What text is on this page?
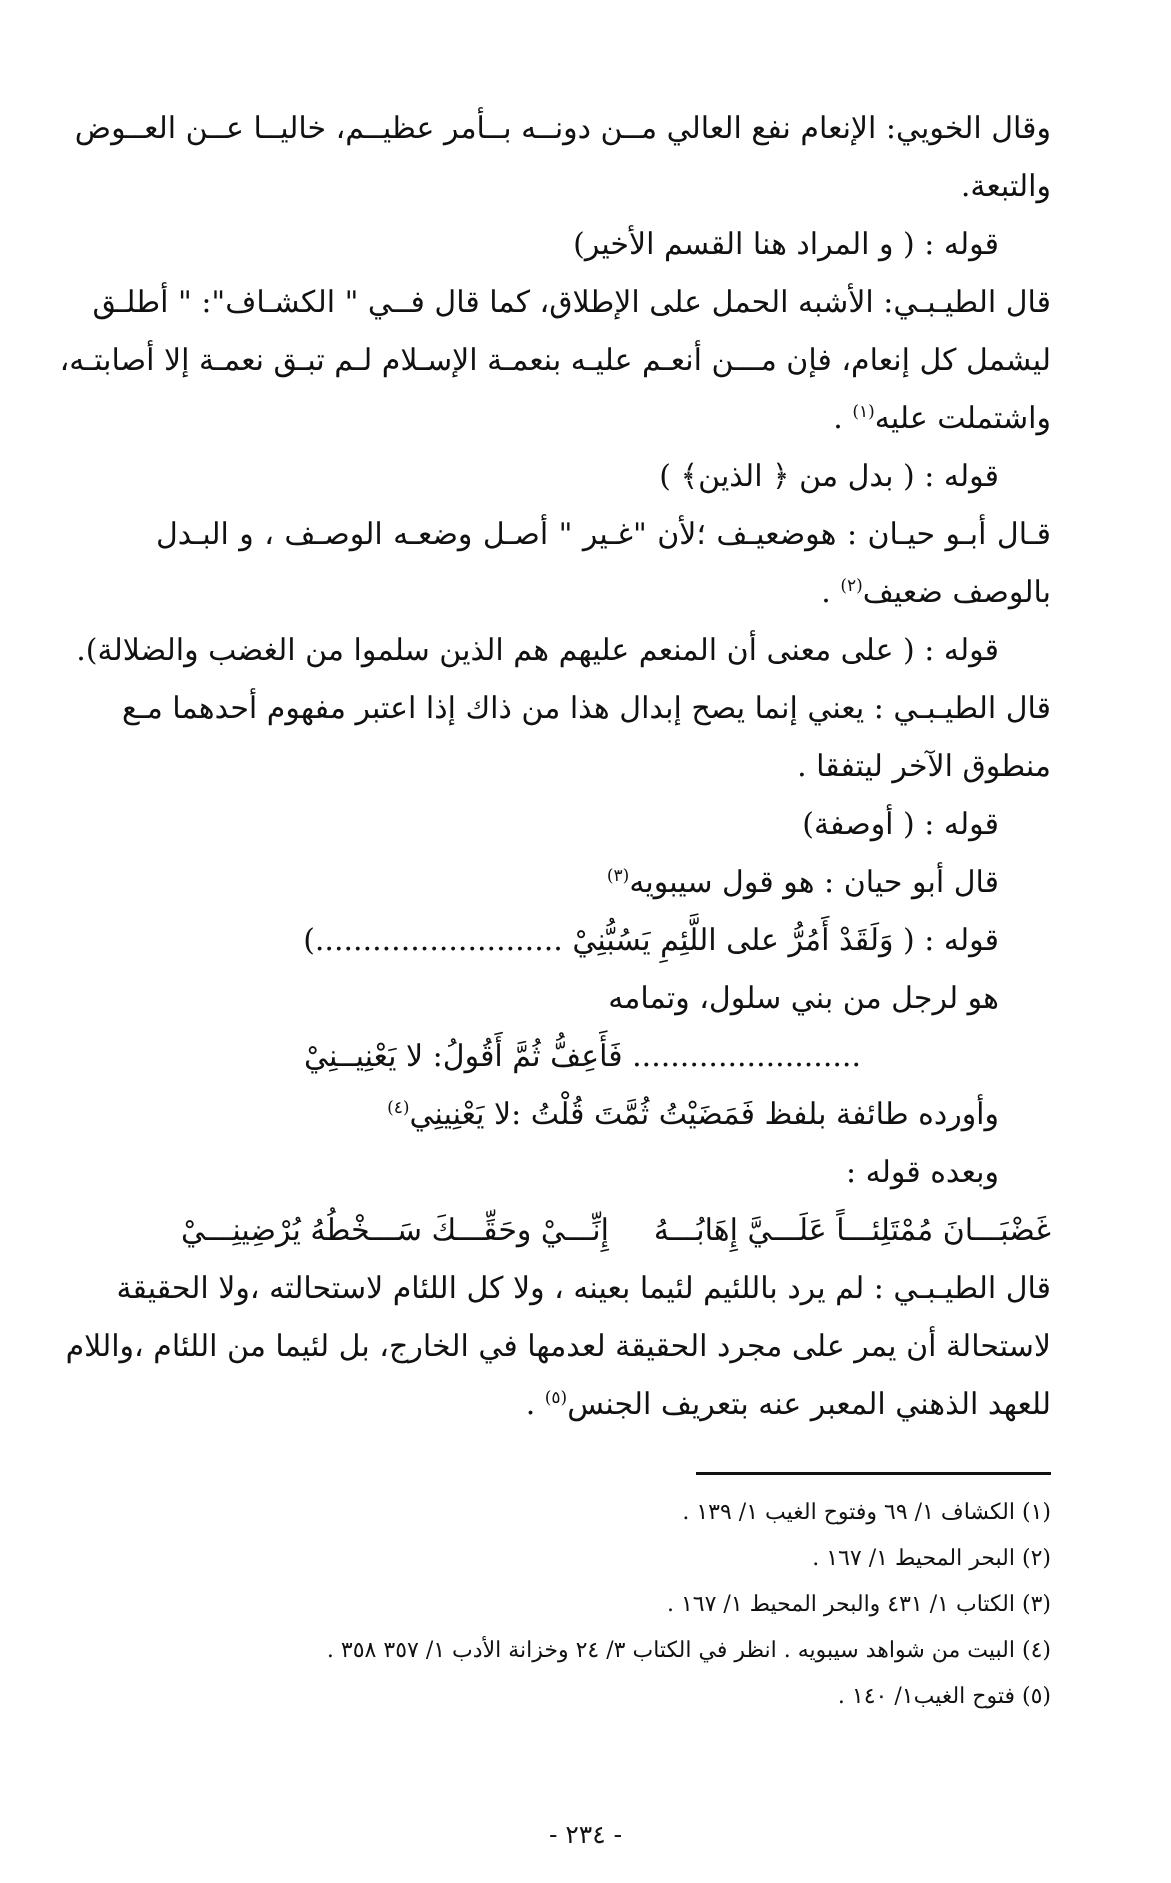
وقال الخويي: الإنعام نفع العالي مــن دونــه بــأمر عظيــم، خاليــا عــن العــوض
والتبعة.
قوله : ( و المراد هنا القسم الأخير)
قال الطيـبـي: الأشبه الحمل على الإطلاق، كما قال فــي " الكشـاف": " أطلـق
ليشمل كل إنعام، فإن مـــن أنعـم عليـه بنعمـة الإسـلام لـم تبـق نعمـة إلا أصابتـه،
واشتملت عليه$^{(١)}$ .
قوله : ( بدل من ﴿ الذين﴾ )
قـال أبـو حيـان : هوضعيـف ؛لأن "غـير " أصـل وضعـه الوصـف ، و البـدل
بالوصف ضعيف$^{(٢)}$ .
قوله : ( على معنى أن المنعم عليهم هم الذين سلموا من الغضب والضلالة).
قال الطيـبـي : يعني إنما يصح إبدال هذا من ذاك إذا اعتبر مفهوم أحدهما مـع
منطوق الآخر ليتفقا .
قوله : ( أوصفة)
قال أبو حيان : هو قول سيبويه$^{(٣)}$
قوله : ( وَلَقَدْ أَمُرُّ على اللَّئِمِ يَسُبُّنِيْ ..........................)
هو لرجل من بني سلول، وتمامه
........................ فَأَعِفُّ ثُمَّ أَقُولُ: لا يَعْنِيــنِيْ
وأورده طائفة بلفظ فَمَضَيْتُ ثُمَّتَ قُلْتُ :لا يَعْنِينِي$^{(٤)}$
وبعده قوله :
غَضْبَـــانَ مُمْتَلِئـــاً عَلَـــيَّ إِهَابُـــهُ
إِنِّـــيْ وحَقِّـــكَ سَـــخْطُهُ يُرْضِينِـــيْ
قال الطيـبـي : لم يرد باللئيم لئيما بعينه ، ولا كل اللئام لاستحالته ،ولا الحقيقة
لاستحالة أن يمر على مجرد الحقيقة لعدمها في الخارج، بل لئيما من اللئام ،واللام
للعهد الذهني المعبر عنه بتعريف الجنس$^{(٥)}$ .
(١) الكشاف ١/ ٦٩ وفتوح الغيب ١/ ١٣٩ .
(٢) البحر المحيط ١/ ١٦٧ .
(٣) الكتاب ١/ ٤٣١ والبحر المحيط ١/ ١٦٧ .
(٤) البيت من شواهد سيبويه . انظر في الكتاب ٣/ ٢٤ وخزانة الأدب ١/ ٣٥٧ ٣٥٨ .
(٥) فتوح الغيب١/ ١٤٠ .
- ٢٣٤ -
